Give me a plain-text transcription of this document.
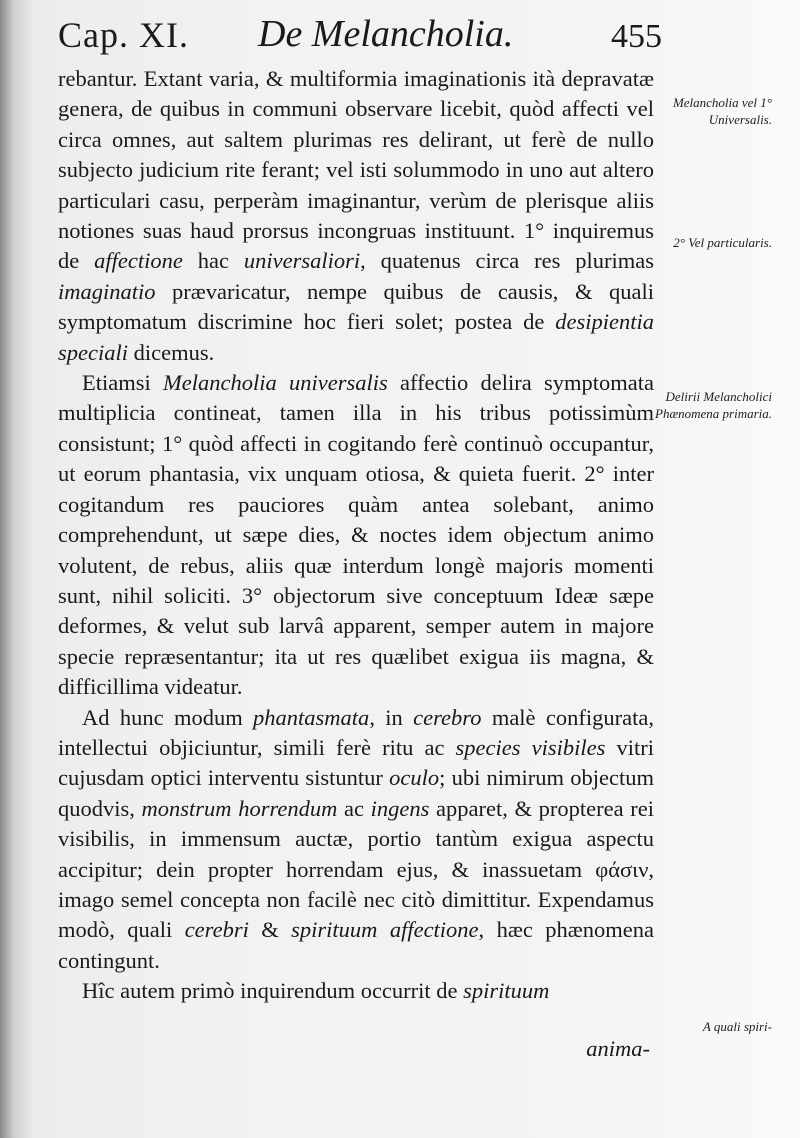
Cap. XI. De Melancholia.	455

rebantur. Extant varia, & multiformia imaginationis ità depravatæ genera, de quibus in communi observare licebit, quòd affecti vel circa omnes, aut saltem plurimas res delirant, ut ferè de nullo subjecto judicium rite ferant; vel isti solummodo in uno aut altero particulari casu, perperàm imaginantur, verùm de plerisque aliis notiones suas haud prorsus incongruas instituunt. 1° inquiremus de affectione hac universaliori, quatenus circa res plurimas imaginatio prævaricatur, nempe quibus de causis, & quali symptomatum discrimine hoc fieri solet; postea de desipientia speciali dicemus.

Etiamsi Melancholia universalis affectio delira symptomata multiplicia contineat, tamen illa in his tribus potissimùm consistunt; 1° quòd affecti in cogitando ferè continuò occupantur, ut eorum phantasia, vix unquam otiosa, & quieta fuerit. 2° inter cogitandum res pauciores quàm antea solebant, animo comprehendunt, ut sæpe dies, & noctes idem objectum animo volutent, de rebus, aliis quæ interdum longè majoris momenti sunt, nihil soliciti. 3° objectorum sive conceptuum Ideæ sæpe deformes, & velut sub larvâ apparent, semper autem in majore specie repræsentantur; ita ut res quælibet exigua iis magna, & difficillima videatur.

Ad hunc modum phantasmata, in cerebro malè configurata, intellectui objiciuntur, simili ferè ritu ac species visibiles vitri cujusdam optici interventu sistuntur oculo; ubi nimirum objectum quodvis, monstrum horrendum ac ingens apparet, & propterea rei visibilis, in immensum auctæ, portio tantùm exigua aspectu accipitur; dein propter horrendam ejus, & inassuetam φάσιν, imago semel concepta non facilè nec citò dimittitur. Expendamus modò, quali cerebri & spirituum affectione, hæc phænomena contingunt.

Hîc autem primò inquirendum occurrit de spirituum

anima-
Melancholia vel 1° Universalis.
2° Vel particularis.
Delirii Melancholici Phænomena primaria.
A quali spiri-
